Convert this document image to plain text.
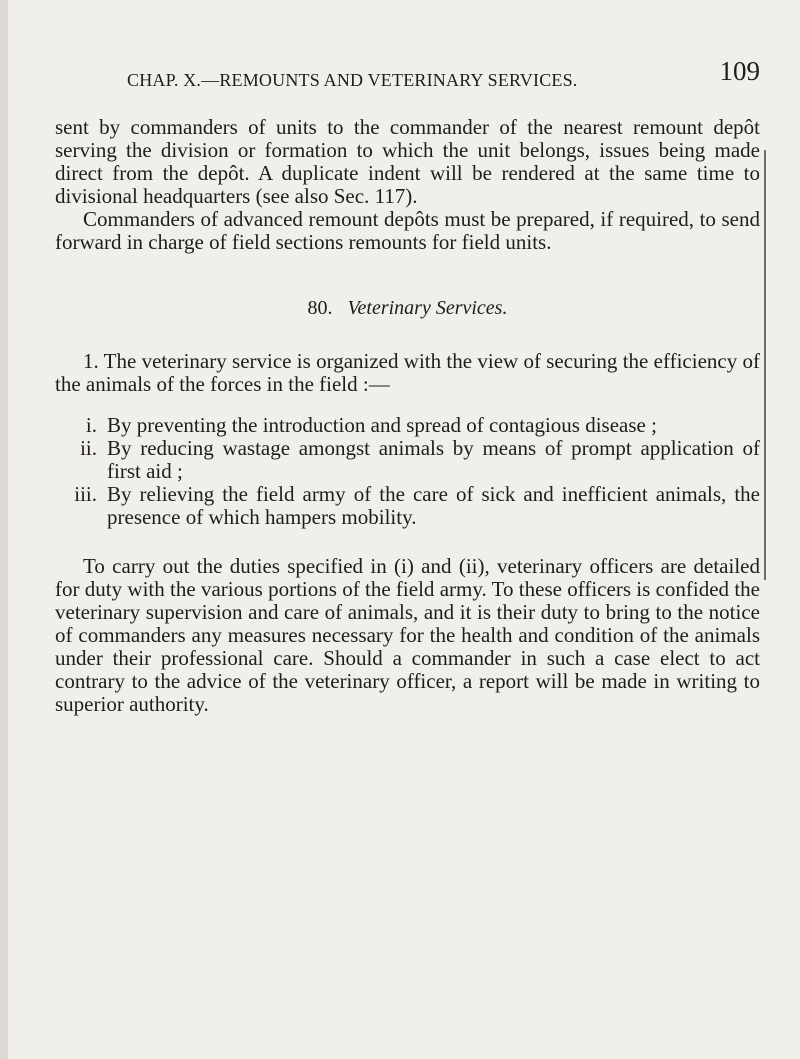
CHAP. X.—REMOUNTS AND VETERINARY SERVICES.	109

sent by commanders of units to the commander of the nearest remount depôt serving the division or formation to which the unit belongs, issues being made direct from the depôt. A duplicate indent will be rendered at the same time to divisional headquarters (see also Sec. 117).

Commanders of advanced remount depôts must be prepared, if required, to send forward in charge of field sections remounts for field units.

80. Veterinary Services.

1. The veterinary service is organized with the view of securing the efficiency of the animals of the forces in the field :—

i. By preventing the introduction and spread of contagious disease ;
ii. By reducing wastage amongst animals by means of prompt application of first aid ;
iii. By relieving the field army of the care of sick and inefficient animals, the presence of which hampers mobility.

To carry out the duties specified in (i) and (ii), veterinary officers are detailed for duty with the various portions of the field army. To these officers is confided the veterinary supervision and care of animals, and it is their duty to bring to the notice of commanders any measures necessary for the health and condition of the animals under their professional care. Should a commander in such a case elect to act contrary to the advice of the veterinary officer, a report will be made in writing to superior authority.
